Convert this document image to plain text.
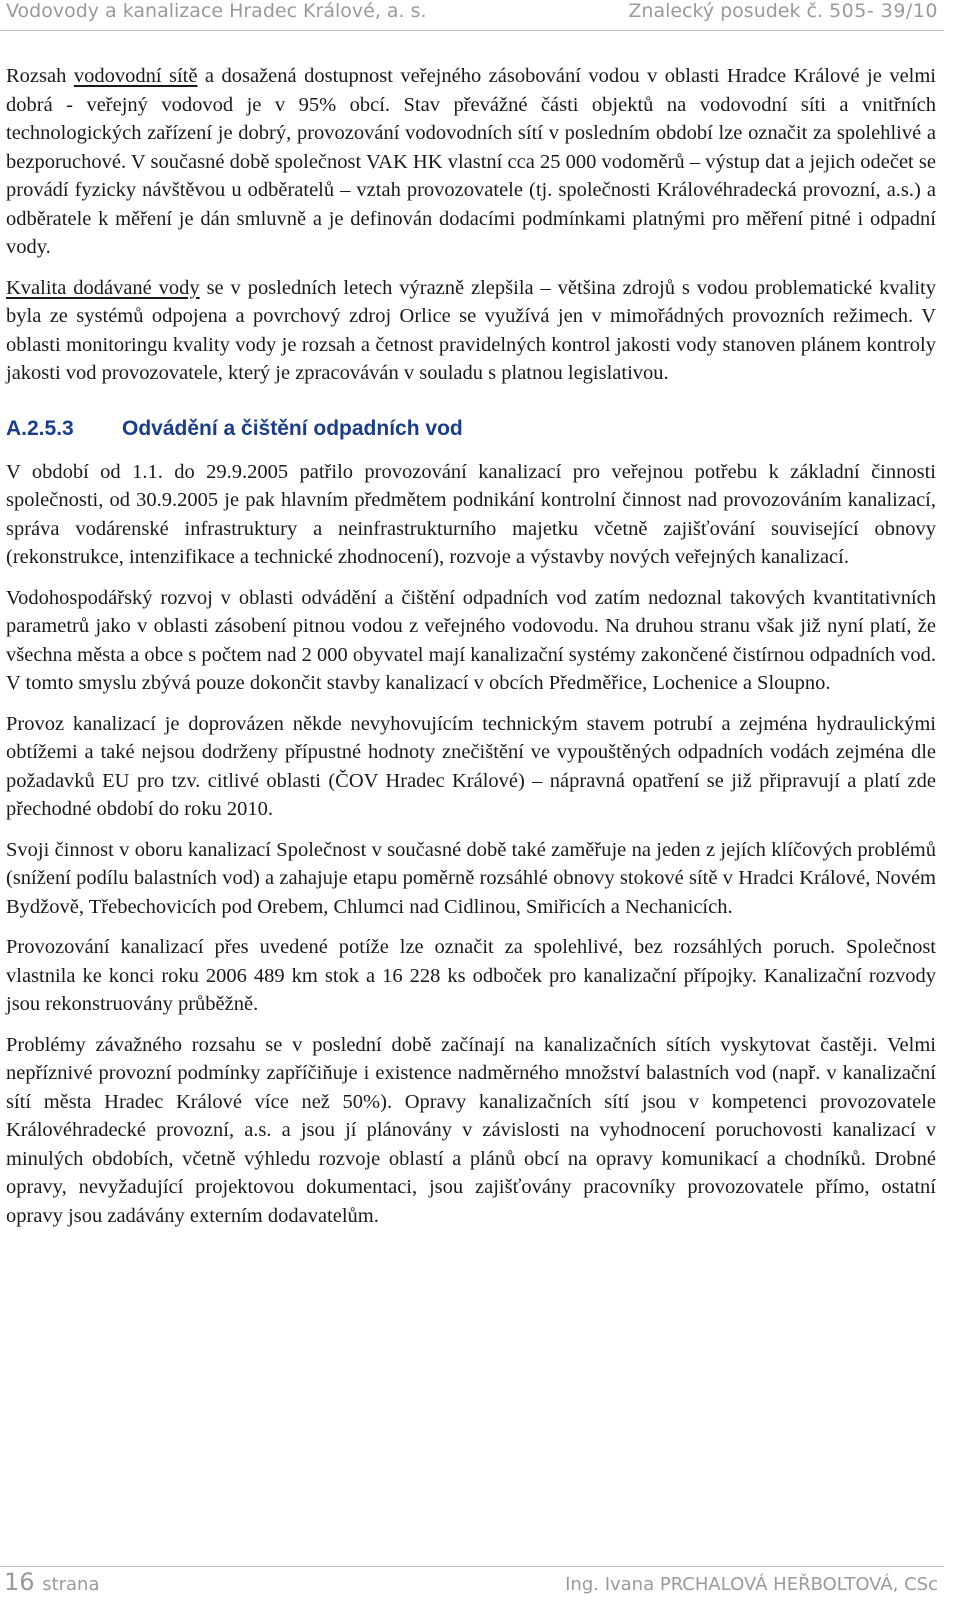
Vodovody a kanalizace Hradec Králové, a. s.	Znalecký posudek č. 505- 39/10

Rozsah vodovodní sítě a dosažená dostupnost veřejného zásobování vodou v oblasti Hradce Králové je velmi dobrá - veřejný vodovod je v 95% obcí. Stav převážné části objektů na vodovodní síti a vnitřních technologických zařízení je dobrý, provozování vodovodních sítí v posledním období lze označit za spolehlivé a bezporuchové. V současné době společnost VAK HK vlastní cca 25 000 vodoměrů – výstup dat a jejich odečet se provádí fyzicky návštěvou u odběratelů – vztah provozovatele (tj. společnosti Královéhradecká provozní, a.s.) a odběratele k měření je dán smluvně a je definován dodacími podmínkami platnými pro měření pitné i odpadní vody.

Kvalita dodávané vody se v posledních letech výrazně zlepšila – většina zdrojů s vodou problematické kvality byla ze systémů odpojena a povrchový zdroj Orlice se využívá jen v mimořádných provozních režimech. V oblasti monitoringu kvality vody je rozsah a četnost pravidelných kontrol jakosti vody stanoven plánem kontroly jakosti vod provozovatele, který je zpracováván v souladu s platnou legislativou.

A.2.5.3	Odvádění a čištění odpadních vod

V období od 1.1. do 29.9.2005 patřilo provozování kanalizací pro veřejnou potřebu k základní činnosti společnosti, od 30.9.2005 je pak hlavním předmětem podnikání kontrolní činnost nad provozováním kanalizací, správa vodárenské infrastruktury a neinfrastrukturního majetku včetně zajišťování související obnovy (rekonstrukce, intenzifikace a technické zhodnocení), rozvoje a výstavby nových veřejných kanalizací.

Vodohospodářský rozvoj v oblasti odvádění a čištění odpadních vod zatím nedoznal takových kvantitativních parametrů jako v oblasti zásobení pitnou vodou z veřejného vodovodu. Na druhou stranu však již nyní platí, že všechna města a obce s počtem nad 2 000 obyvatel mají kanalizační systémy zakončené čistírnou odpadních vod. V tomto smyslu zbývá pouze dokončit stavby kanalizací v obcích Předměřice, Lochenice a Sloupno.

Provoz kanalizací je doprovázen někde nevyhovujícím technickým stavem potrubí a zejména hydraulickými obtížemi a také nejsou dodrženy přípustné hodnoty znečištění ve vypouštěných odpadních vodách zejména dle požadavků EU pro tzv. citlivé oblasti (ČOV Hradec Králové) – nápravná opatření se již připravují a platí zde přechodné období do roku 2010.

Svoji činnost v oboru kanalizací Společnost v současné době také zaměřuje na jeden z jejích klíčových problémů (snížení podílu balastních vod) a zahajuje etapu poměrně rozsáhlé obnovy stokové sítě v Hradci Králové, Novém Bydžově, Třebechovicích pod Orebem, Chlumci nad Cidlinou, Smiřicích a Nechanicích.

Provozování kanalizací přes uvedené potíže lze označit za spolehlivé, bez rozsáhlých poruch. Společnost vlastnila ke konci roku 2006 489 km stok a 16 228 ks odboček pro kanalizační přípojky. Kanalizační rozvody jsou rekonstruovány průběžně.

Problémy závažného rozsahu se v poslední době začínají na kanalizačních sítích vyskytovat častěji. Velmi nepříznivé provozní podmínky zapříčiňuje i existence nadměrného množství balastních vod (např. v kanalizační sítí města Hradec Králové více než 50%). Opravy kanalizačních sítí jsou v kompetenci provozovatele Královéhradecké provozní, a.s. a jsou jí plánovány v závislosti na vyhodnocení poruchovosti kanalizací v minulých obdobích, včetně výhledu rozvoje oblastí a plánů obcí na opravy komunikací a chodníků. Drobné opravy, nevyžadující projektovou dokumentaci, jsou zajišťovány pracovníky provozovatele přímo, ostatní opravy jsou zadávány externím dodavatelům.

16 strana	Ing. Ivana PRCHALOVÁ HEŘBOLTOVÁ, CSc
